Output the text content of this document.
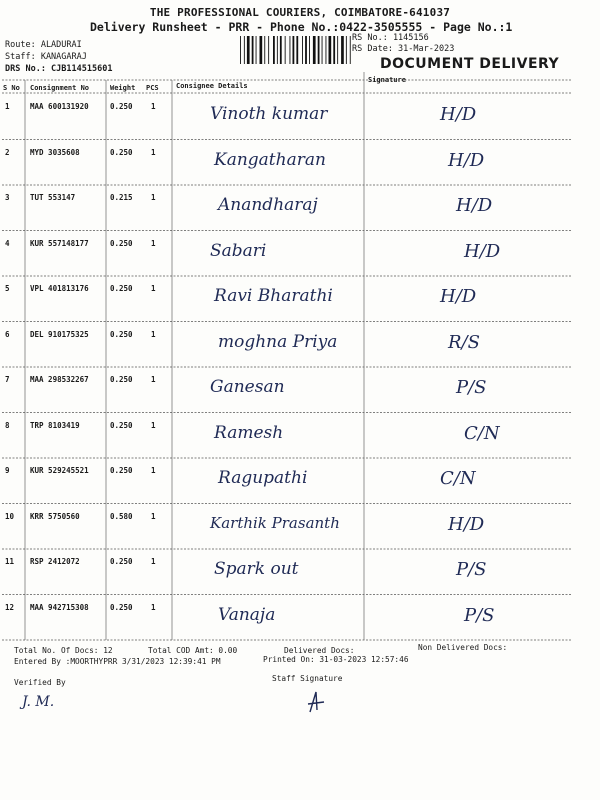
THE PROFESSIONAL COURIERS, COIMBATORE-641037
Delivery Runsheet - PRR - Phone No.:0422-3505555 - Page No.:1
Route: ALADURAI
Staff: KANAGARAJ
DRS No.: CJB114515601
RS No.: 1145156
RS Date: 31-Mar-2023
DOCUMENT DELIVERY
S No Consignment No	Weight PCS Consignee Details
Signature
1	MAA 600131920	0.250 1	Vinoth kumar	H/D
2	MYD 3035608	0.250 1	Kangatharan	H/D
3	TUT 553147	0.215 1	Anandharaj	H/D
4	KUR 557148177	0.250 1	Sabari	H/D
5	VPL 401813176	0.250 1	Ravi Bharathi	H/D
6	DEL 910175325	0.250 1	moghna Priya	R/S
7	MAA 298532267	0.250 1	Ganesan	P/S
8	TRP 8103419	0.250 1	Ramesh	C/N
9	KUR 529245521	0.250 1	Ragupathi	C/N
10 KRR 5750560	0.580 1	Karthik Prasanth	H/D
11 RSP 2412072	0.250 1	Spark out	P/S
12 MAA 942715308	0.250 1	Vanaja	P/S
Total No. Of Docs: 12	Total COD Amt: 0.00	Delivered Docs:	Non Delivered Docs:
Entered By :MOORTHYPRR 3/31/2023 12:39:41 PM	Printed On: 31-03-2023 12:57:46
Verified By
J. M.
Staff Signature
